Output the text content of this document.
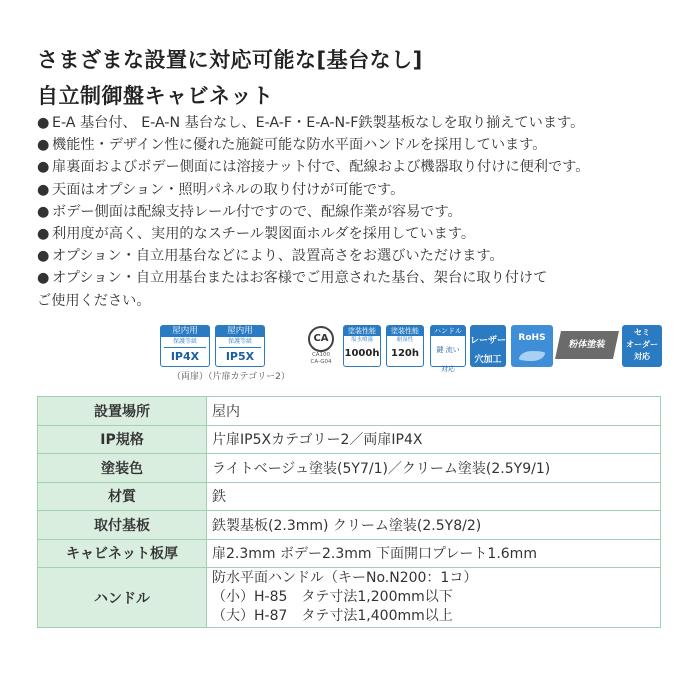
さまざまな設置に対応可能な[基台なし]
自立制御盤キャビネット
● E-A 基台付、 E-A-N 基台なし、E-A-F・E-A-N-F鉄製基板なしを取り揃えています。
● 機能性・デザイン性に優れた施錠可能な防水平面ハンドルを採用しています。
● 扉裏面およびボデー側面には溶接ナット付で、配線および機器取り付けに便利です。
● 天面はオプション・照明パネルの取り付けが可能です。
● ボデー側面は配線支持レール付ですので、配線作業が容易です。
● 利用度が高く、実用的なスチール製図面ホルダを採用しています。
● オプション・自立用基台などにより、設置高さをお選びいただけます。
● オプション・自立用基台またはお客様でご用意された基台、架台に取り付けて
ご使用ください。
屋内用
保護等級
IP4X
屋内用
保護等級
IP5X
（両扉）（片扉カテゴリー2）
CA
CA100
CA-G04
塗装性能
塩水噴霧
1000h
塗装性能
耐湿性
120h
ハンドル
鍵 流い
対応
レーザー
穴加工
RoHS
粉体塗装
セミ
オーダー
対応
設置場所	屋内
IP規格	片扉IP5Xカテゴリー2／両扉IP4X
塗装色	ライトベージュ塗装(5Y7/1)／クリーム塗装(2.5Y9/1)
材質	鉄
取付基板	鉄製基板(2.3mm) クリーム塗装(2.5Y8/2)
キャビネット板厚	扉2.3mm ボデー2.3mm 下面開口プレート1.6mm
ハンドル	防水平面ハンドル（キーNo.N200：1コ）
（小）H-85　タテ寸法1,200mm以下
（大）H-87　タテ寸法1,400mm以上
